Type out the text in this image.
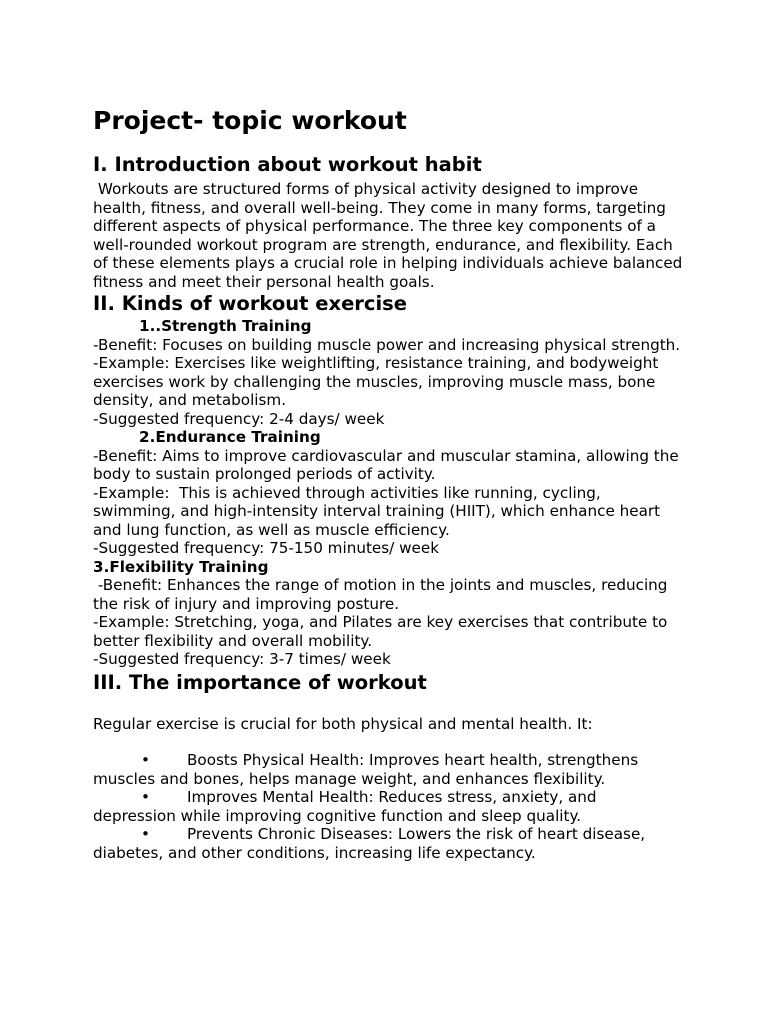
Project- topic workout
I. Introduction about workout habit

Workouts are structured forms of physical activity designed to improve health, fitness, and overall well-being. They come in many forms, targeting different aspects of physical performance. The three key components of a well-rounded workout program are strength, endurance, and flexibility. Each of these elements plays a crucial role in helping individuals achieve balanced fitness and meet their personal health goals.

II. Kinds of workout exercise
1..Strength Training

-Benefit: Focuses on building muscle power and increasing physical strength.

-Example: Exercises like weightlifting, resistance training, and bodyweight exercises work by challenging the muscles, improving muscle mass, bone density, and metabolism.

-Suggested frequency: 2-4 days/ week

2.Endurance Training

-Benefit: Aims to improve cardiovascular and muscular stamina, allowing the body to sustain prolonged periods of activity.

-Example:  This is achieved through activities like running, cycling, swimming, and high-intensity interval training (HIIT), which enhance heart and lung function, as well as muscle efficiency.

-Suggested frequency: 75-150 minutes/ week

3.Flexibility Training

-Benefit: Enhances the range of motion in the joints and muscles, reducing the risk of injury and improving posture.

-Example: Stretching, yoga, and Pilates are key exercises that contribute to better flexibility and overall mobility.

-Suggested frequency: 3-7 times/ week

III. The importance of workout

Regular exercise is crucial for both physical and mental health. It:

• Boosts Physical Health: Improves heart health, strengthens muscles and bones, helps manage weight, and enhances flexibility.

• Improves Mental Health: Reduces stress, anxiety, and depression while improving cognitive function and sleep quality.

• Prevents Chronic Diseases: Lowers the risk of heart disease, diabetes, and other conditions, increasing life expectancy.
